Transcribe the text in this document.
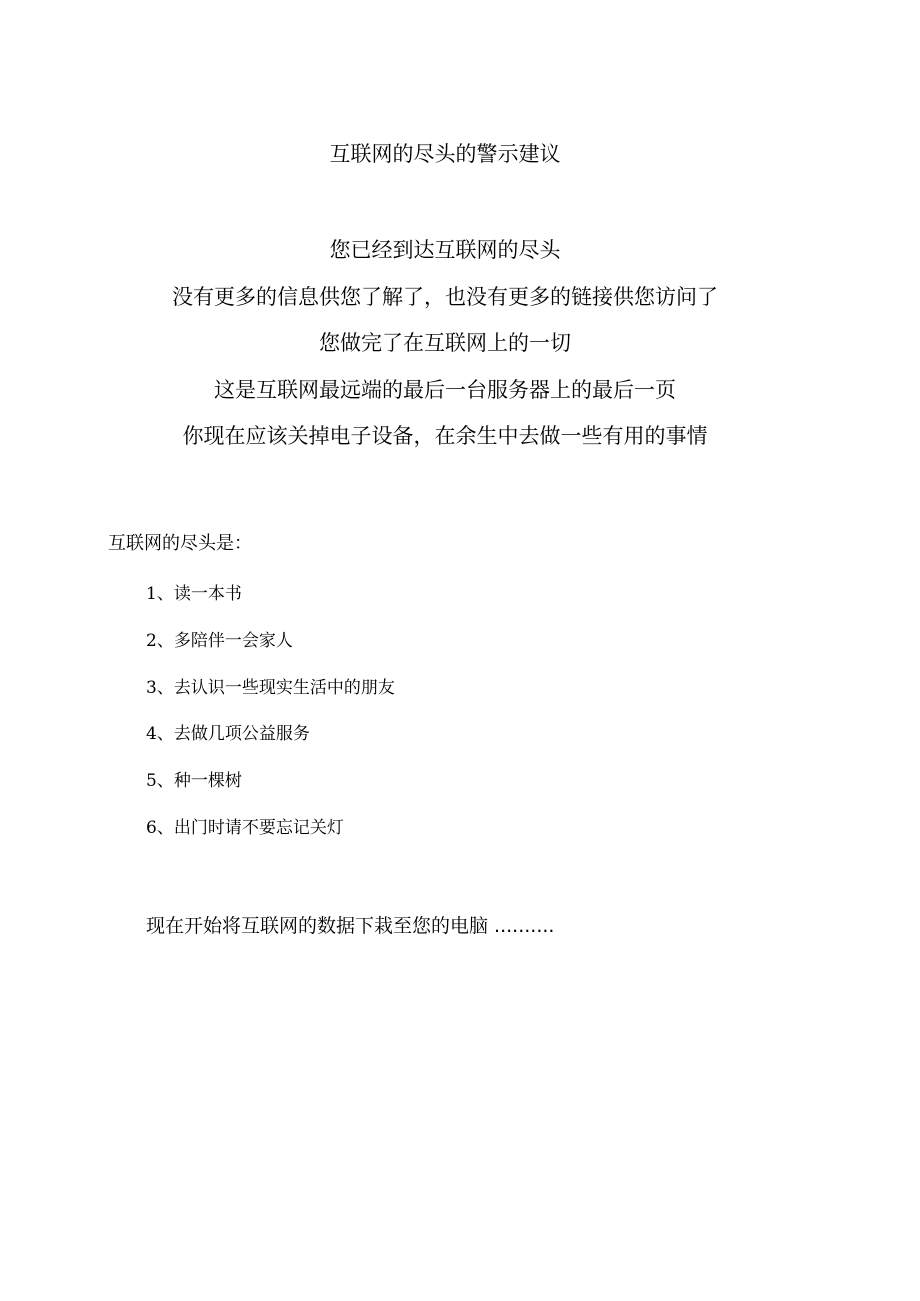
互联网的尽头的警示建议
您已经到达互联网的尽头
没有更多的信息供您了解了，也没有更多的链接供您访问了
您做完了在互联网上的一切
这是互联网最远端的最后一台服务器上的最后一页
你现在应该关掉电子设备，在余生中去做一些有用的事情
互联网的尽头是：
1、读一本书
2、多陪伴一会家人
3、去认识一些现实生活中的朋友
4、去做几项公益服务
5、种一棵树
6、出门时请不要忘记关灯
现在开始将互联网的数据下栽至您的电脑 ..........
